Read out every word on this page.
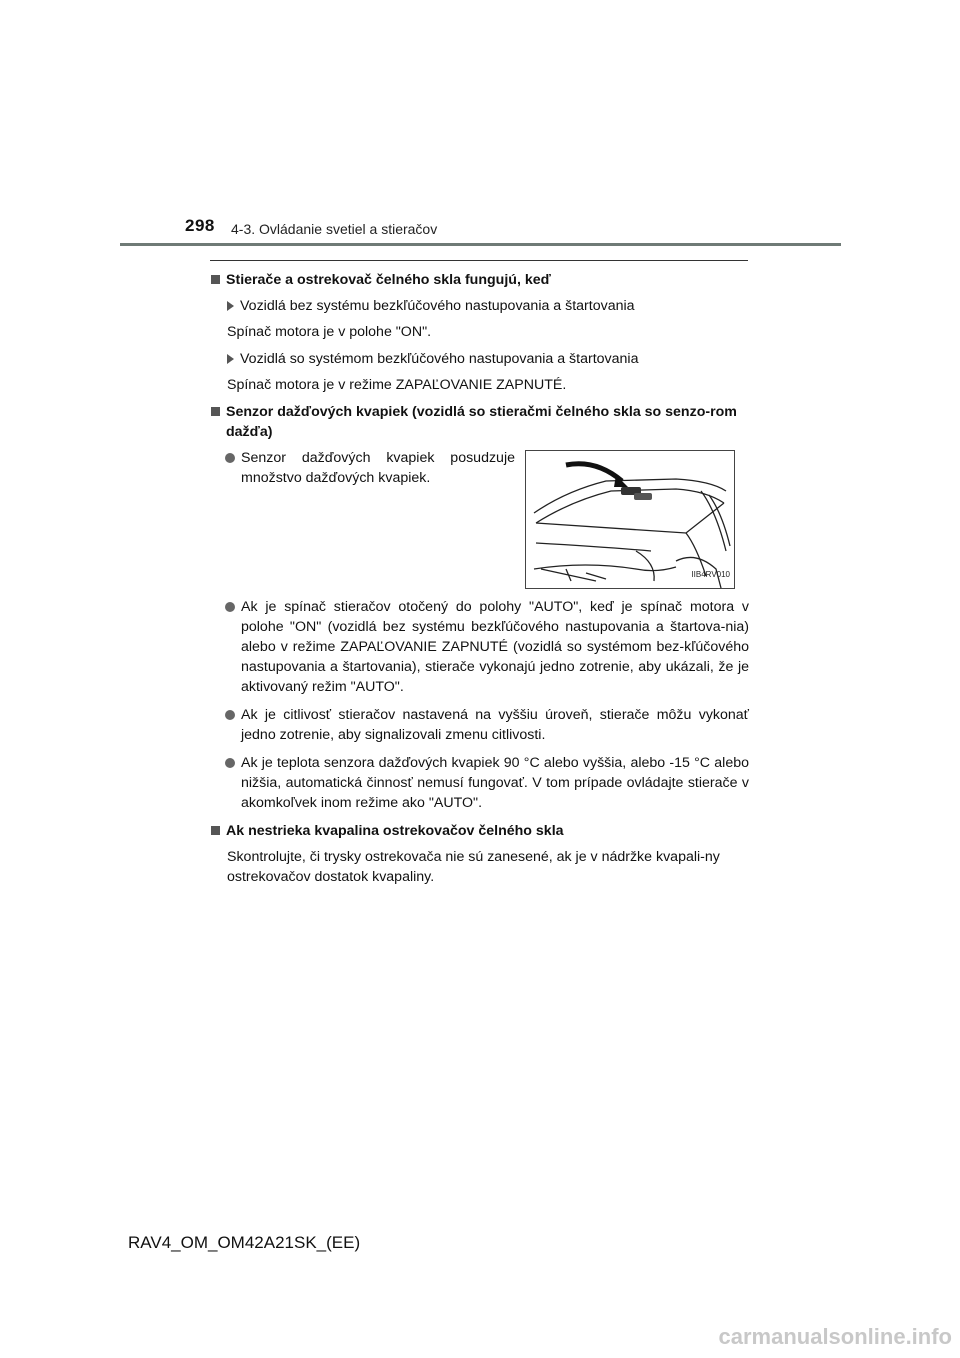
298 4-3. Ovládanie svetiel a stieračov
Stierače a ostrekovač čelného skla fungujú, keď
Vozidlá bez systému bezkľúčového nastupovania a štartovania
Spínač motora je v polohe "ON".
Vozidlá so systémom bezkľúčového nastupovania a štartovania
Spínač motora je v režime ZAPAĽOVANIE ZAPNUTÉ.
Senzor dažďových kvapiek (vozidlá so stieračmi čelného skla so senzo-rom dažďa)
Senzor dažďových kvapiek posudzuje množstvo dažďových kvapiek.
IIB4RV010
Ak je spínač stieračov otočený do polohy "AUTO", keď je spínač motora v polohe "ON" (vozidlá bez systému bezkľúčového nastupovania a štartova-nia) alebo v režime ZAPAĽOVANIE ZAPNUTÉ (vozidlá so systémom bez-kľúčového nastupovania a štartovania), stierače vykonajú jedno zotrenie, aby ukázali, že je aktivovaný režim "AUTO".
Ak je citlivosť stieračov nastavená na vyššiu úroveň, stierače môžu vykonať jedno zotrenie, aby signalizovali zmenu citlivosti.
Ak je teplota senzora dažďových kvapiek 90 °C alebo vyššia, alebo -15 °C alebo nižšia, automatická činnosť nemusí fungovať. V tom prípade ovládajte stierače v akomkoľvek inom režime ako "AUTO".
Ak nestrieka kvapalina ostrekovačov čelného skla
Skontrolujte, či trysky ostrekovača nie sú zanesené, ak je v nádržke kvapali-ny ostrekovačov dostatok kvapaliny.
RAV4_OM_OM42A21SK_(EE)
carmanualsonline.info
